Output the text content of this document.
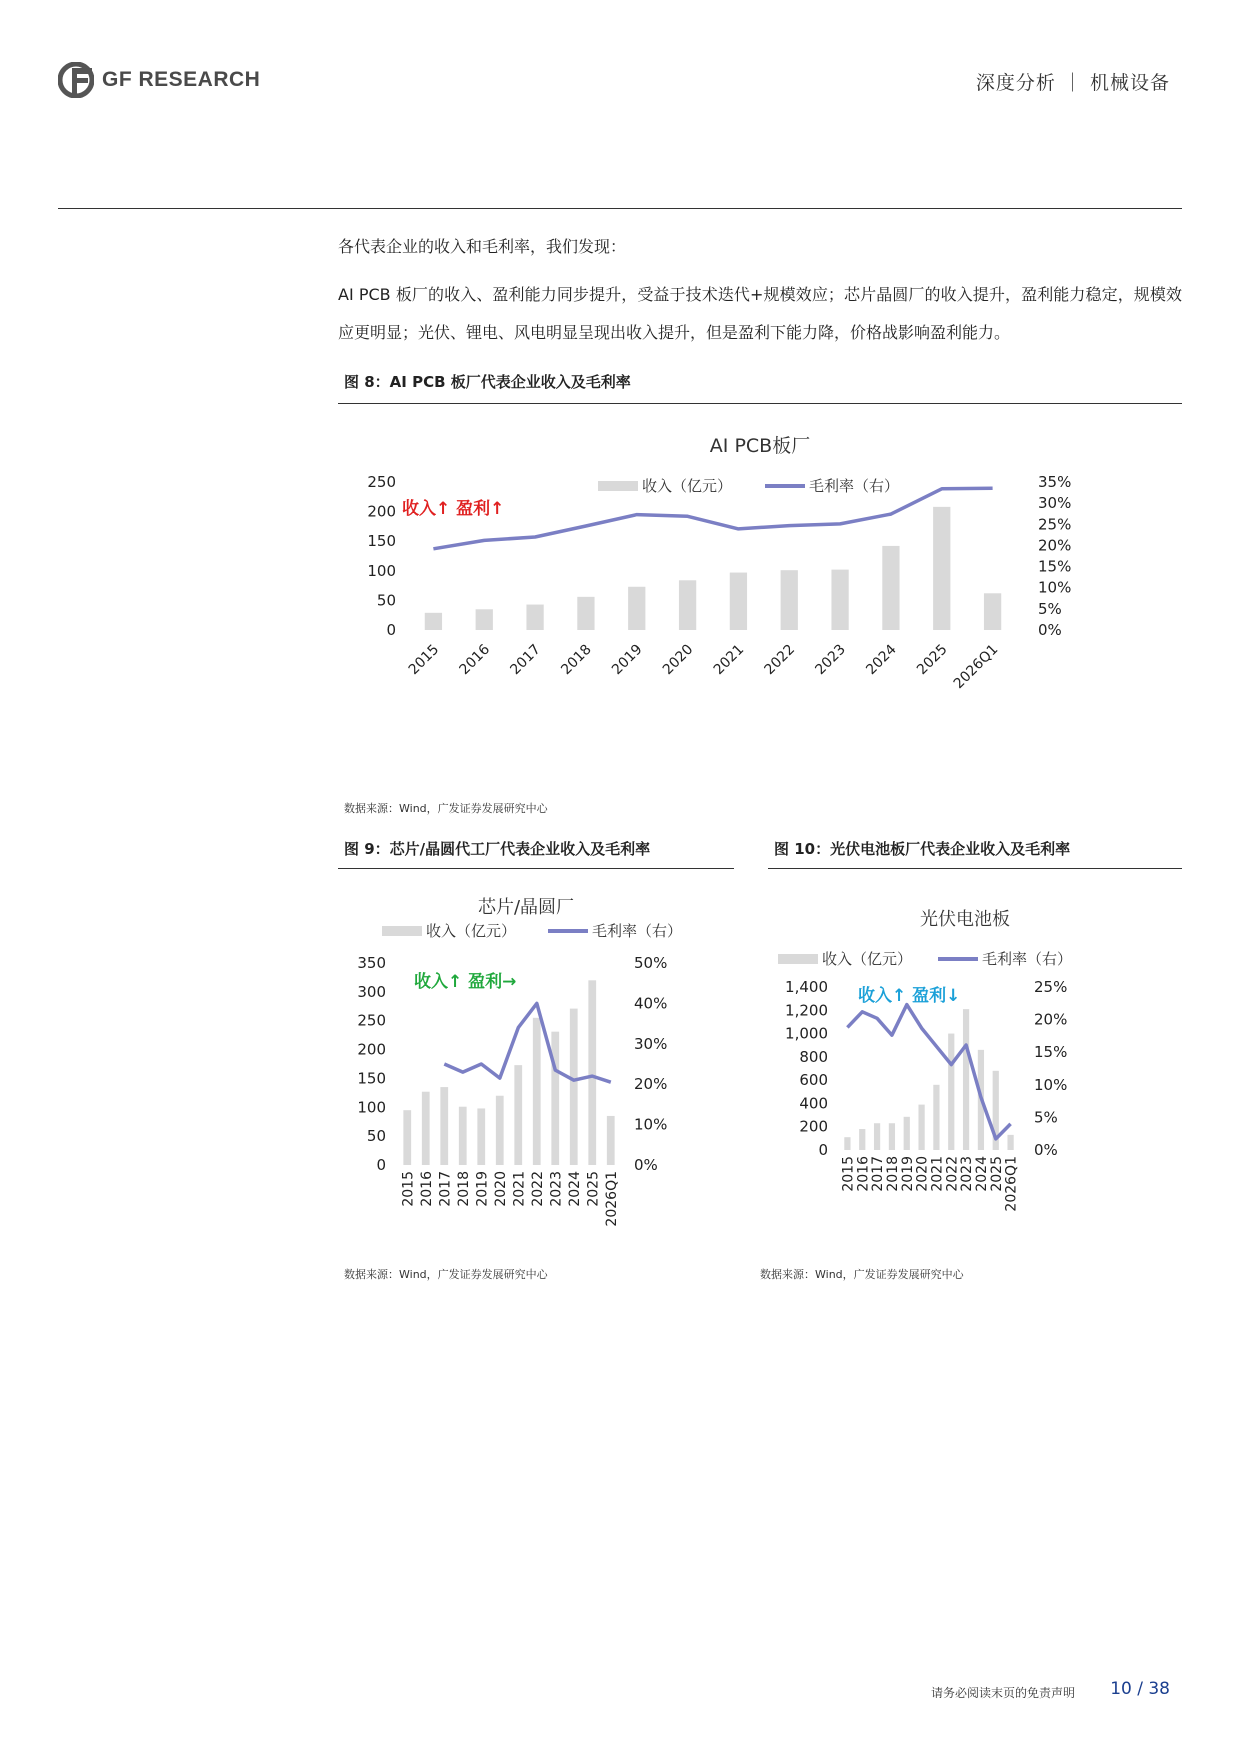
GF RESEARCH	深度分析 ｜ 机械设备
各代表企业的收入和毛利率，我们发现：
AI PCB 板厂的收入、盈利能力同步提升，受益于技术迭代+规模效应；芯片晶圆厂的收入提升，盈利能力稳定，规模效应更明显；光伏、锂电、风电明显呈现出收入提升，但是盈利下能力降，价格战影响盈利能力。
图 8：AI PCB 板厂代表企业收入及毛利率
AI PCB板厂
收入（亿元）	毛利率（右）
收入↑ 盈利↑
0
50
100
150
200
250
0%
5%
10%
15%
20%
25%
30%
35%
2015 2016 2017 2018 2019 2020 2021 2022 2023 2024 2025 2026Q1
数据来源：Wind，广发证券发展研究中心
图 9：芯片/晶圆代工厂代表企业收入及毛利率
芯片/晶圆厂
收入（亿元）	毛利率（右）
收入↑ 盈利→
0
50
100
150
200
250
300
350
0%
10%
20%
30%
40%
50%
2015 2016 2017 2018 2019 2020 2021 2022 2023 2024 2025 2026Q1
数据来源：Wind，广发证券发展研究中心
图 10：光伏电池板厂代表企业收入及毛利率
光伏电池板
收入（亿元）	毛利率（右）
收入↑ 盈利↓
0
200
400
600
800
1,000
1,200
1,400
0%
5%
10%
15%
20%
25%
2015
2016
2017
2018
2019
2020
2021
2022
2023
2024
2025
2026Q1
数据来源：Wind，广发证券发展研究中心
请务必阅读末页的免责声明 10 / 38
